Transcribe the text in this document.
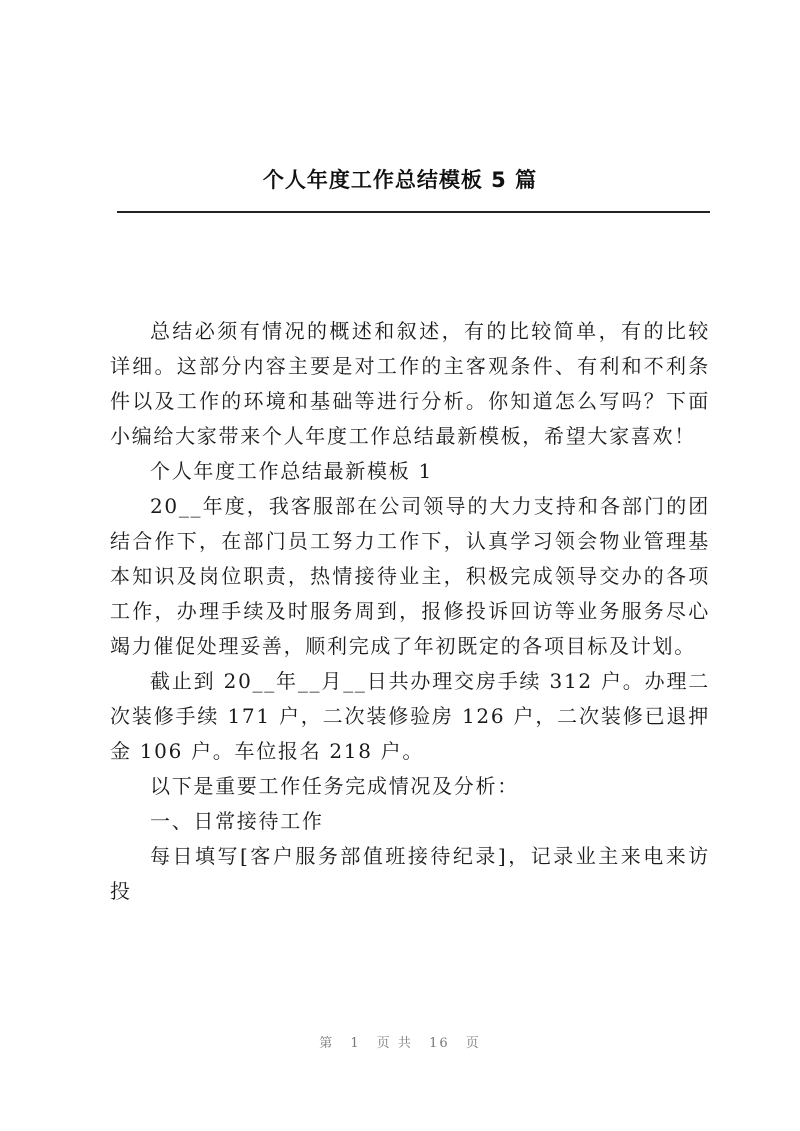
个人年度工作总结模板 5 篇

总结必须有情况的概述和叙述，有的比较简单，有的比较详细。这部分内容主要是对工作的主客观条件、有利和不利条件以及工作的环境和基础等进行分析。你知道怎么写吗？下面小编给大家带来个人年度工作总结最新模板，希望大家喜欢！

个人年度工作总结最新模板 1

20__年度，我客服部在公司领导的大力支持和各部门的团结合作下，在部门员工努力工作下，认真学习领会物业管理基本知识及岗位职责，热情接待业主，积极完成领导交办的各项工作，办理手续及时服务周到，报修投诉回访等业务服务尽心竭力催促处理妥善，顺利完成了年初既定的各项目标及计划。

截止到 20__年__月__日共办理交房手续 312 户。办理二次装修手续 171 户，二次装修验房 126 户，二次装修已退押金 106 户。车位报名 218 户。

以下是重要工作任务完成情况及分析：

一、日常接待工作

每日填写[客户服务部值班接待纪录]，记录业主来电来访投

第 1 页 共 16 页
